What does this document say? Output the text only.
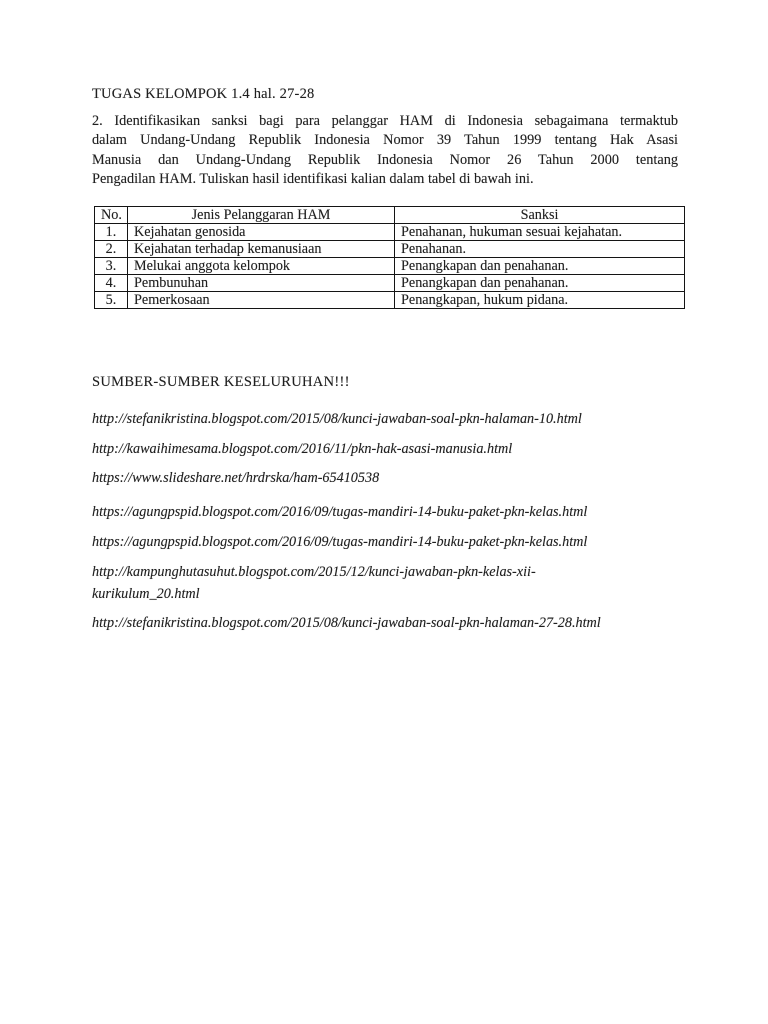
TUGAS KELOMPOK 1.4 hal. 27-28
2. Identifikasikan sanksi bagi para pelanggar HAM di Indonesia sebagaimana termaktub
dalam Undang-Undang Republik Indonesia Nomor 39 Tahun 1999 tentang Hak Asasi
Manusia dan Undang-Undang Republik Indonesia Nomor 26 Tahun 2000 tentang
Pengadilan HAM. Tuliskan hasil identifikasi kalian dalam tabel di bawah ini.
No.	Jenis Pelanggaran HAM	Sanksi
1.	Kejahatan genosida	Penahanan, hukuman sesuai kejahatan.
2.	Kejahatan terhadap kemanusiaan	Penahanan.
3.	Melukai anggota kelompok	Penangkapan dan penahanan.
4.	Pembunuhan	Penangkapan dan penahanan.
5.	Pemerkosaan	Penangkapan, hukum pidana.
SUMBER-SUMBER KESELURUHAN!!!
http://stefanikristina.blogspot.com/2015/08/kunci-jawaban-soal-pkn-halaman-10.html
http://kawaihimesama.blogspot.com/2016/11/pkn-hak-asasi-manusia.html
https://www.slideshare.net/hrdrska/ham-65410538
https://agungpspid.blogspot.com/2016/09/tugas-mandiri-14-buku-paket-pkn-kelas.html
https://agungpspid.blogspot.com/2016/09/tugas-mandiri-14-buku-paket-pkn-kelas.html
http://kampunghutasuhut.blogspot.com/2015/12/kunci-jawaban-pkn-kelas-xii-kurikulum_20.html
http://stefanikristina.blogspot.com/2015/08/kunci-jawaban-soal-pkn-halaman-27-28.html
